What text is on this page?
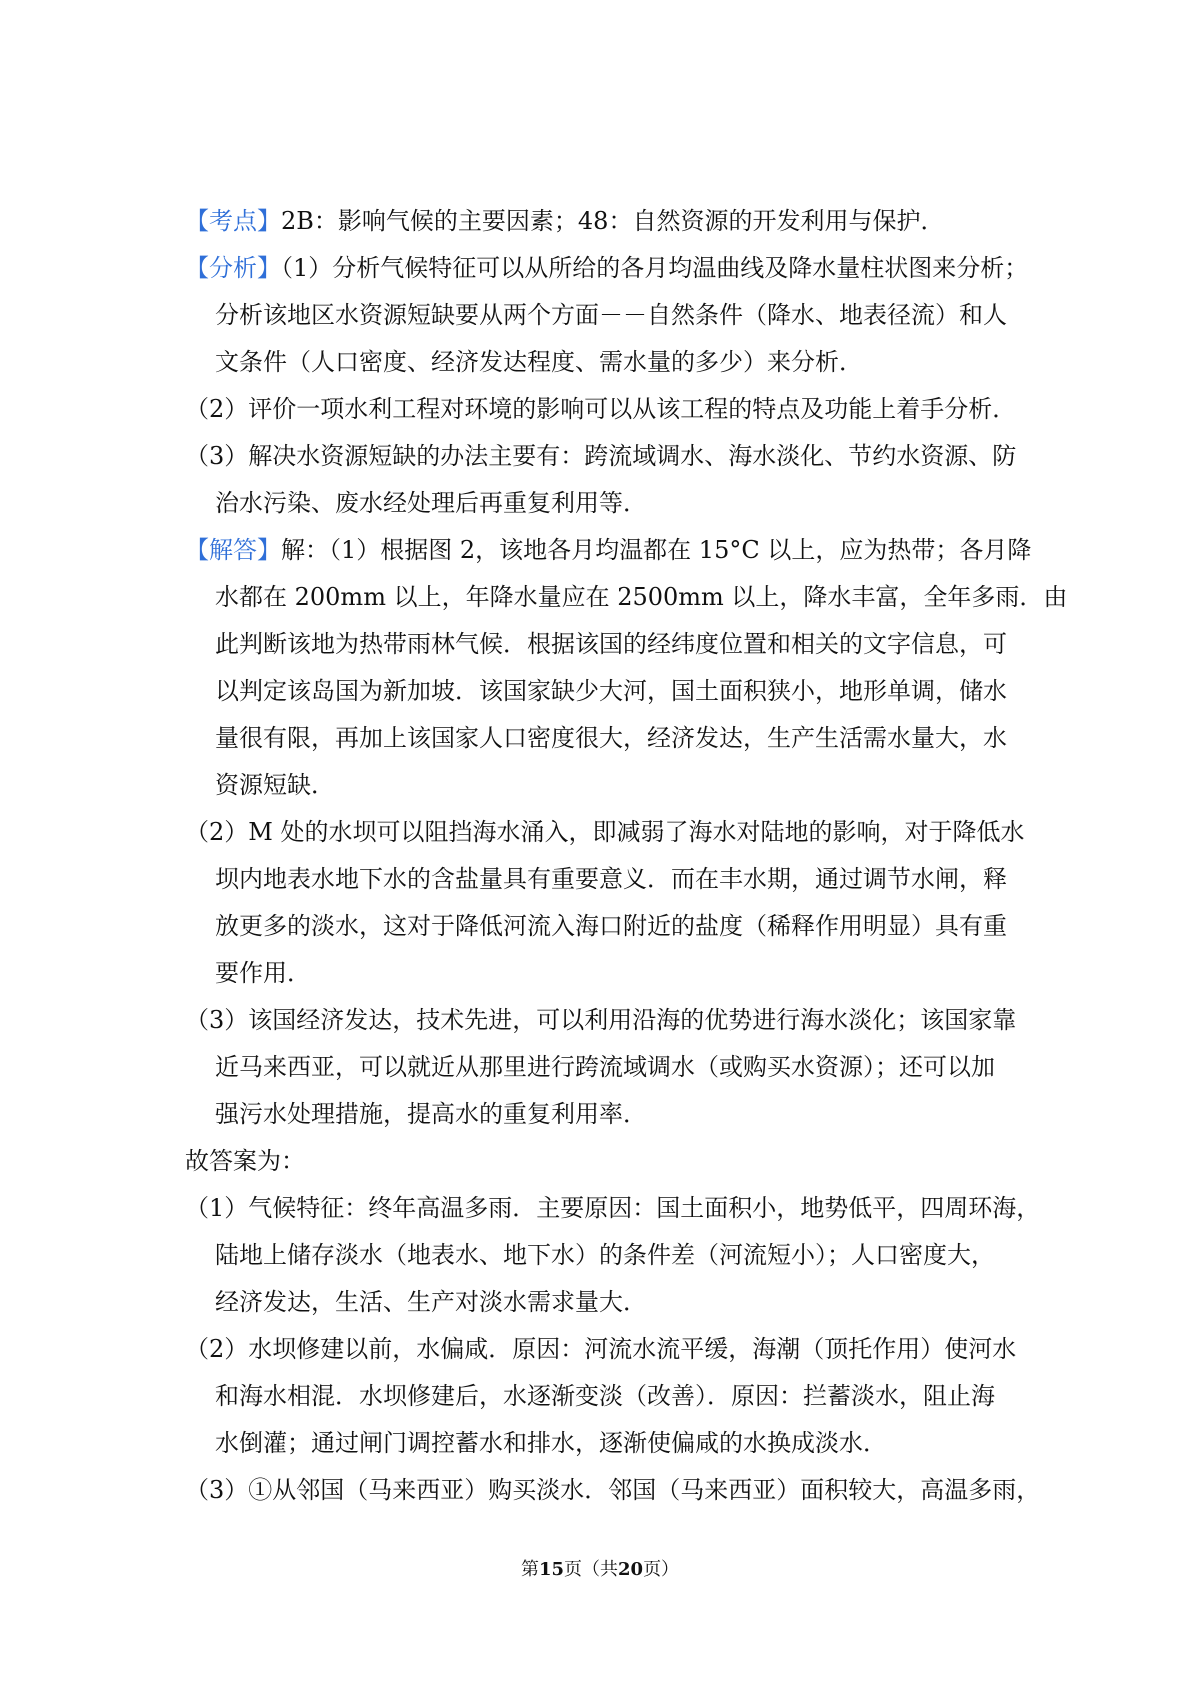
【考点】2B：影响气候的主要因素；48：自然资源的开发利用与保护．
【分析】（1）分析气候特征可以从所给的各月均温曲线及降水量柱状图来分析；
分析该地区水资源短缺要从两个方面－－自然条件（降水、地表径流）和人
文条件（人口密度、经济发达程度、需水量的多少）来分析．
（2）评价一项水利工程对环境的影响可以从该工程的特点及功能上着手分析．
（3）解决水资源短缺的办法主要有：跨流域调水、海水淡化、节约水资源、防
治水污染、废水经处理后再重复利用等．
【解答】解：（1）根据图 2，该地各月均温都在 15°C 以上，应为热带；各月降
水都在 200mm 以上，年降水量应在 2500mm 以上，降水丰富，全年多雨．由
此判断该地为热带雨林气候．根据该国的经纬度位置和相关的文字信息，可
以判定该岛国为新加坡．该国家缺少大河，国土面积狭小，地形单调，储水
量很有限，再加上该国家人口密度很大，经济发达，生产生活需水量大，水
资源短缺．
（2）M 处的水坝可以阻挡海水涌入，即减弱了海水对陆地的影响，对于降低水
坝内地表水地下水的含盐量具有重要意义．而在丰水期，通过调节水闸，释
放更多的淡水，这对于降低河流入海口附近的盐度（稀释作用明显）具有重
要作用．
（3）该国经济发达，技术先进，可以利用沿海的优势进行海水淡化；该国家靠
近马来西亚，可以就近从那里进行跨流域调水（或购买水资源）；还可以加
强污水处理措施，提高水的重复利用率．
故答案为：
（1）气候特征：终年高温多雨．主要原因：国土面积小，地势低平，四周环海，
陆地上储存淡水（地表水、地下水）的条件差（河流短小）；人口密度大，
经济发达，生活、生产对淡水需求量大．
（2）水坝修建以前，水偏咸．原因：河流水流平缓，海潮（顶托作用）使河水
和海水相混．水坝修建后，水逐渐变淡（改善）．原因：拦蓄淡水，阻止海
水倒灌；通过闸门调控蓄水和排水，逐渐使偏咸的水换成淡水．
（3）①从邻国（马来西亚）购买淡水．邻国（马来西亚）面积较大，高温多雨，
第15页（共20页）
